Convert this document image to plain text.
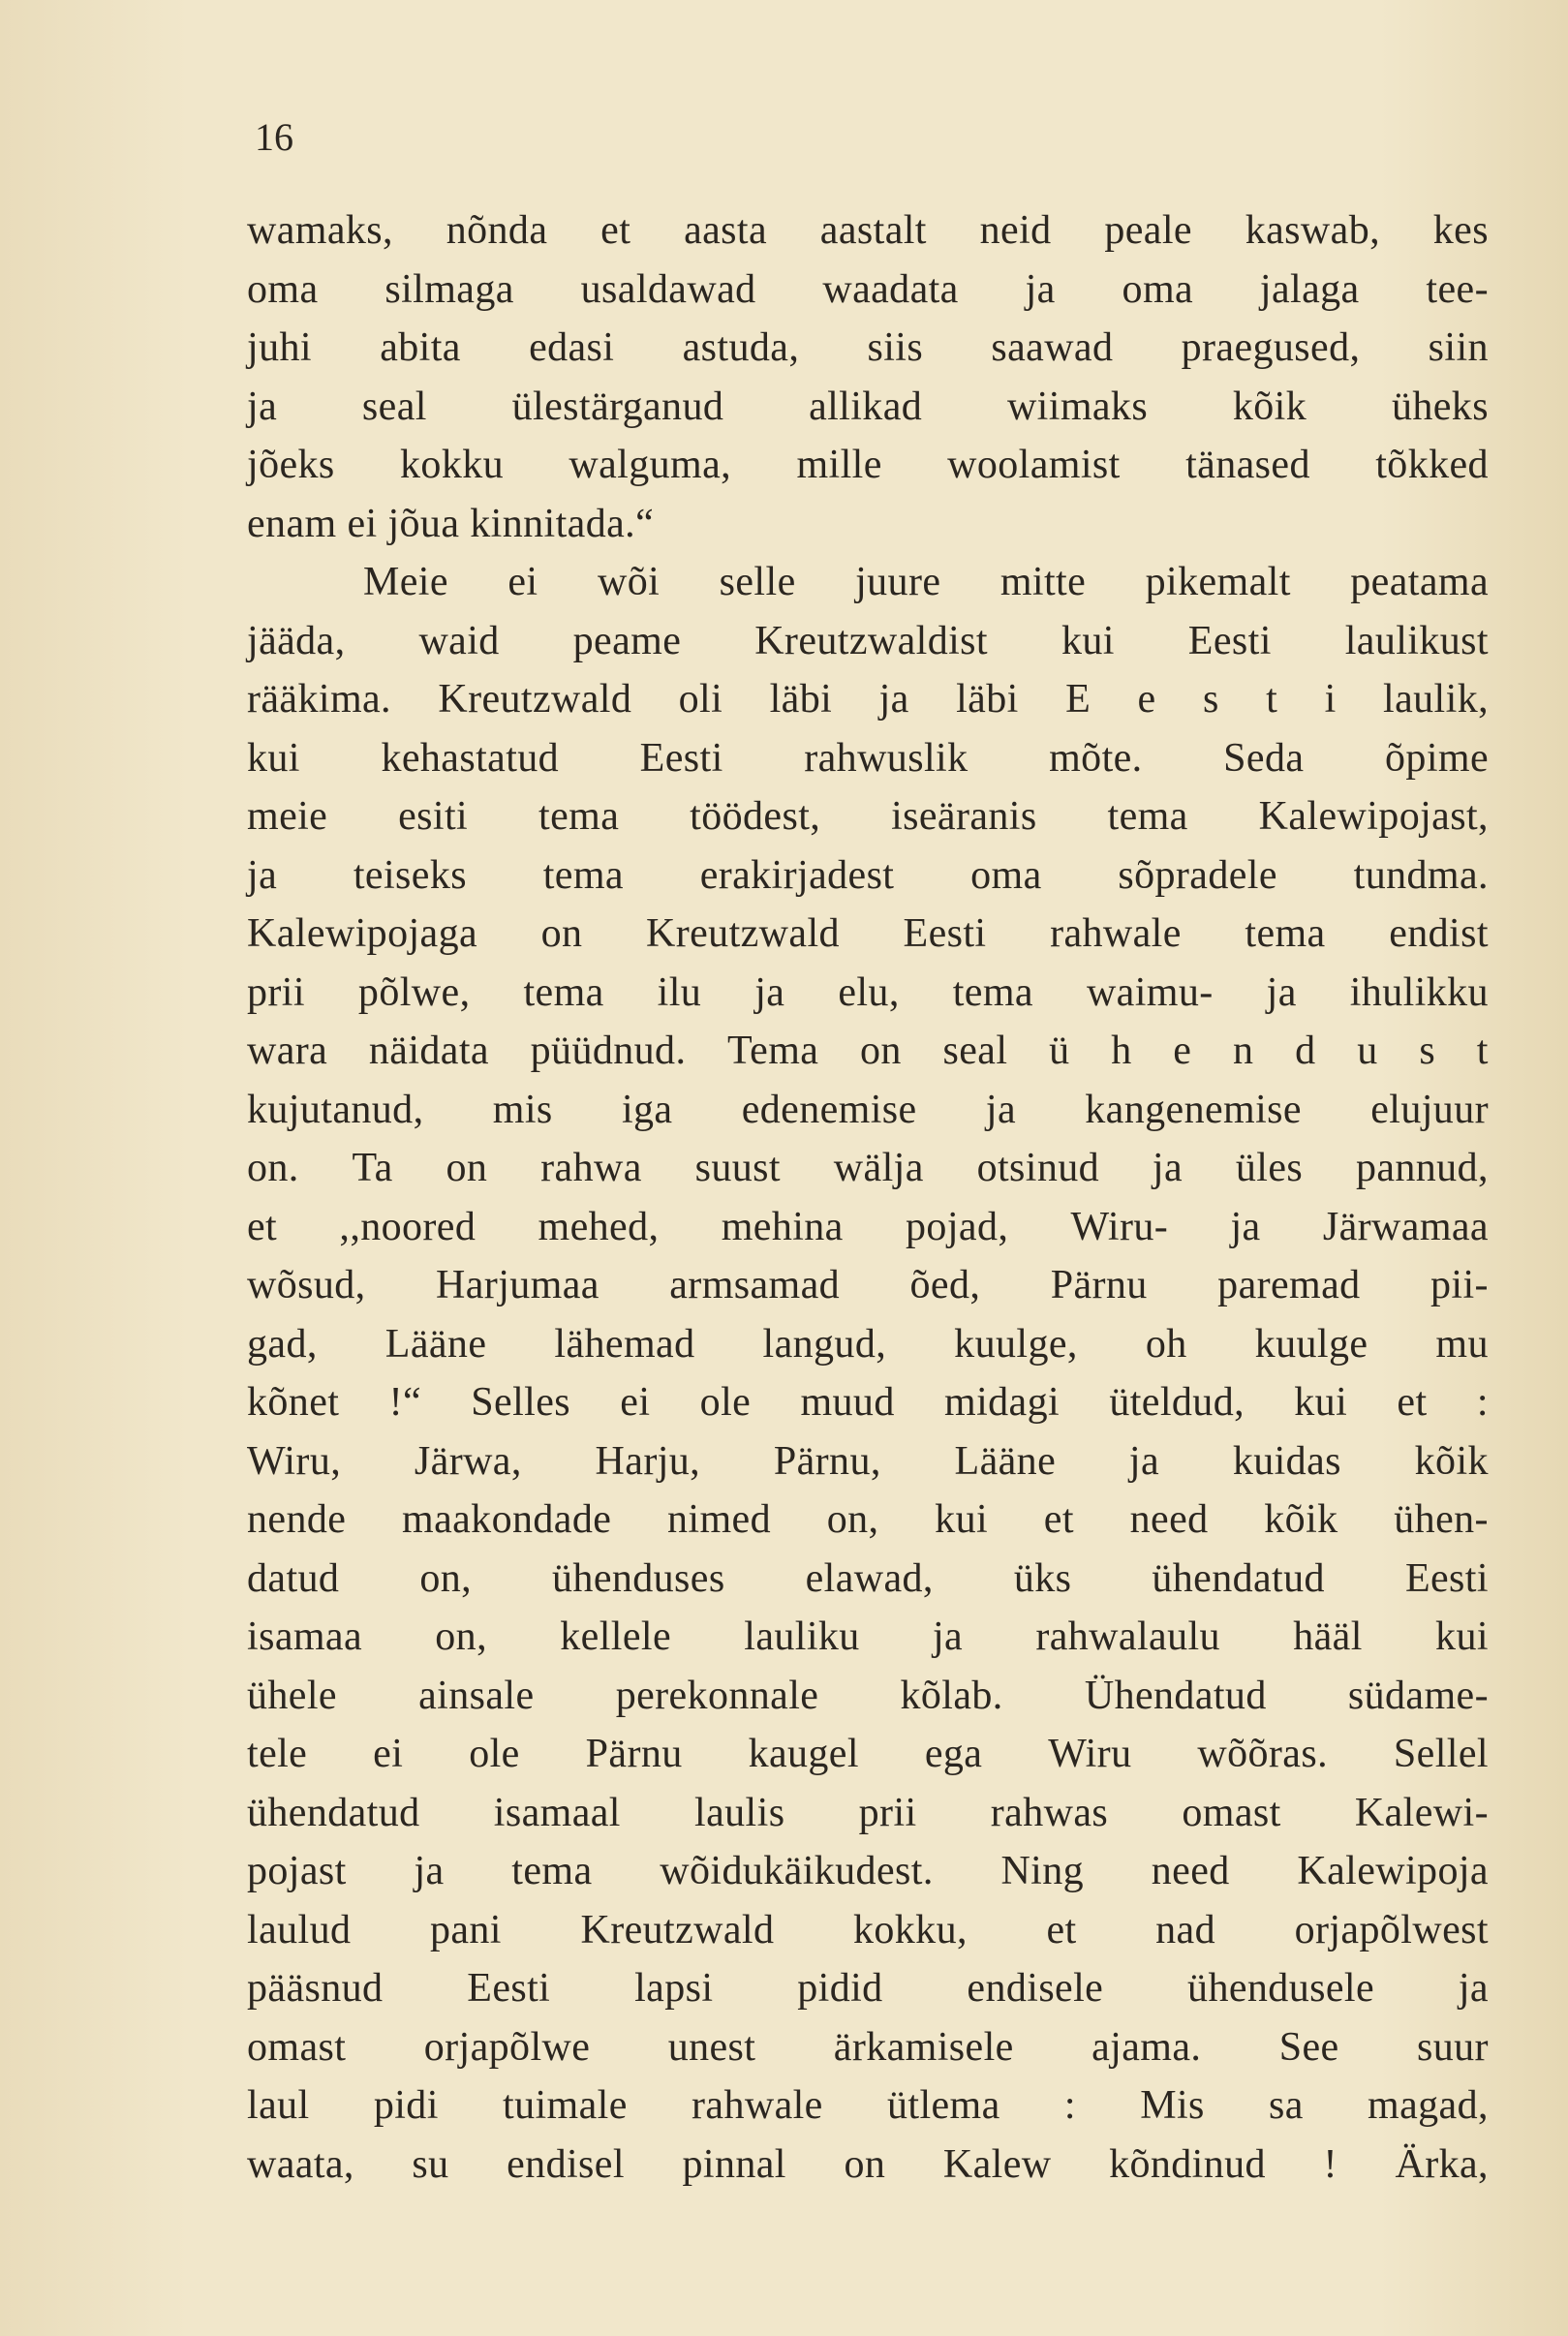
16
wamaks, nõnda et aasta aastalt neid peale kaswab, kes
oma silmaga usaldawad waadata ja oma jalaga tee-
juhi abita edasi astuda, siis saawad praegused, siin
ja seal ülestärganud allikad wiimaks kõik üheks
jõeks kokku walguma, mille woolamist tänased tõkked
enam ei jõua kinnitada.“
Meie ei wõi selle juure mitte pikemalt peatama
jääda, waid peame Kreutzwaldist kui Eesti laulikust
rääkima. Kreutzwald oli läbi ja läbi E e s t i laulik,
kui kehastatud Eesti rahwuslik mõte. Seda õpime
meie esiti tema töödest, iseäranis tema Kalewipojast,
ja teiseks tema erakirjadest oma sõpradele tundma.
Kalewipojaga on Kreutzwald Eesti rahwale tema endist
prii põlwe, tema ilu ja elu, tema waimu- ja ihulikku
wara näidata püüdnud. Tema on seal ü h e n d u s t
kujutanud, mis iga edenemise ja kangenemise elujuur
on. Ta on rahwa suust wälja otsinud ja üles pannud,
et ,,noored mehed, mehina pojad, Wiru- ja Järwamaa
wõsud, Harjumaa armsamad õed, Pärnu paremad pii-
gad, Lääne lähemad langud, kuulge, oh kuulge mu
kõnet !“ Selles ei ole muud midagi üteldud, kui et :
Wiru, Järwa, Harju, Pärnu, Lääne ja kuidas kõik
nende maakondade nimed on, kui et need kõik ühen-
datud on, ühenduses elawad, üks ühendatud Eesti
isamaa on, kellele lauliku ja rahwalaulu hääl kui
ühele ainsale perekonnale kõlab. Ühendatud südame-
tele ei ole Pärnu kaugel ega Wiru wõõras. Sellel
ühendatud isamaal laulis prii rahwas omast Kalewi-
pojast ja tema wõidukäikudest. Ning need Kalewipoja
laulud pani Kreutzwald kokku, et nad orjapõlwest
pääsnud Eesti lapsi pidid endisele ühendusele ja
omast orjapõlwe unest ärkamisele ajama. See suur
laul pidi tuimale rahwale ütlema : Mis sa magad,
waata, su endisel pinnal on Kalew kõndinud ! Ärka,
